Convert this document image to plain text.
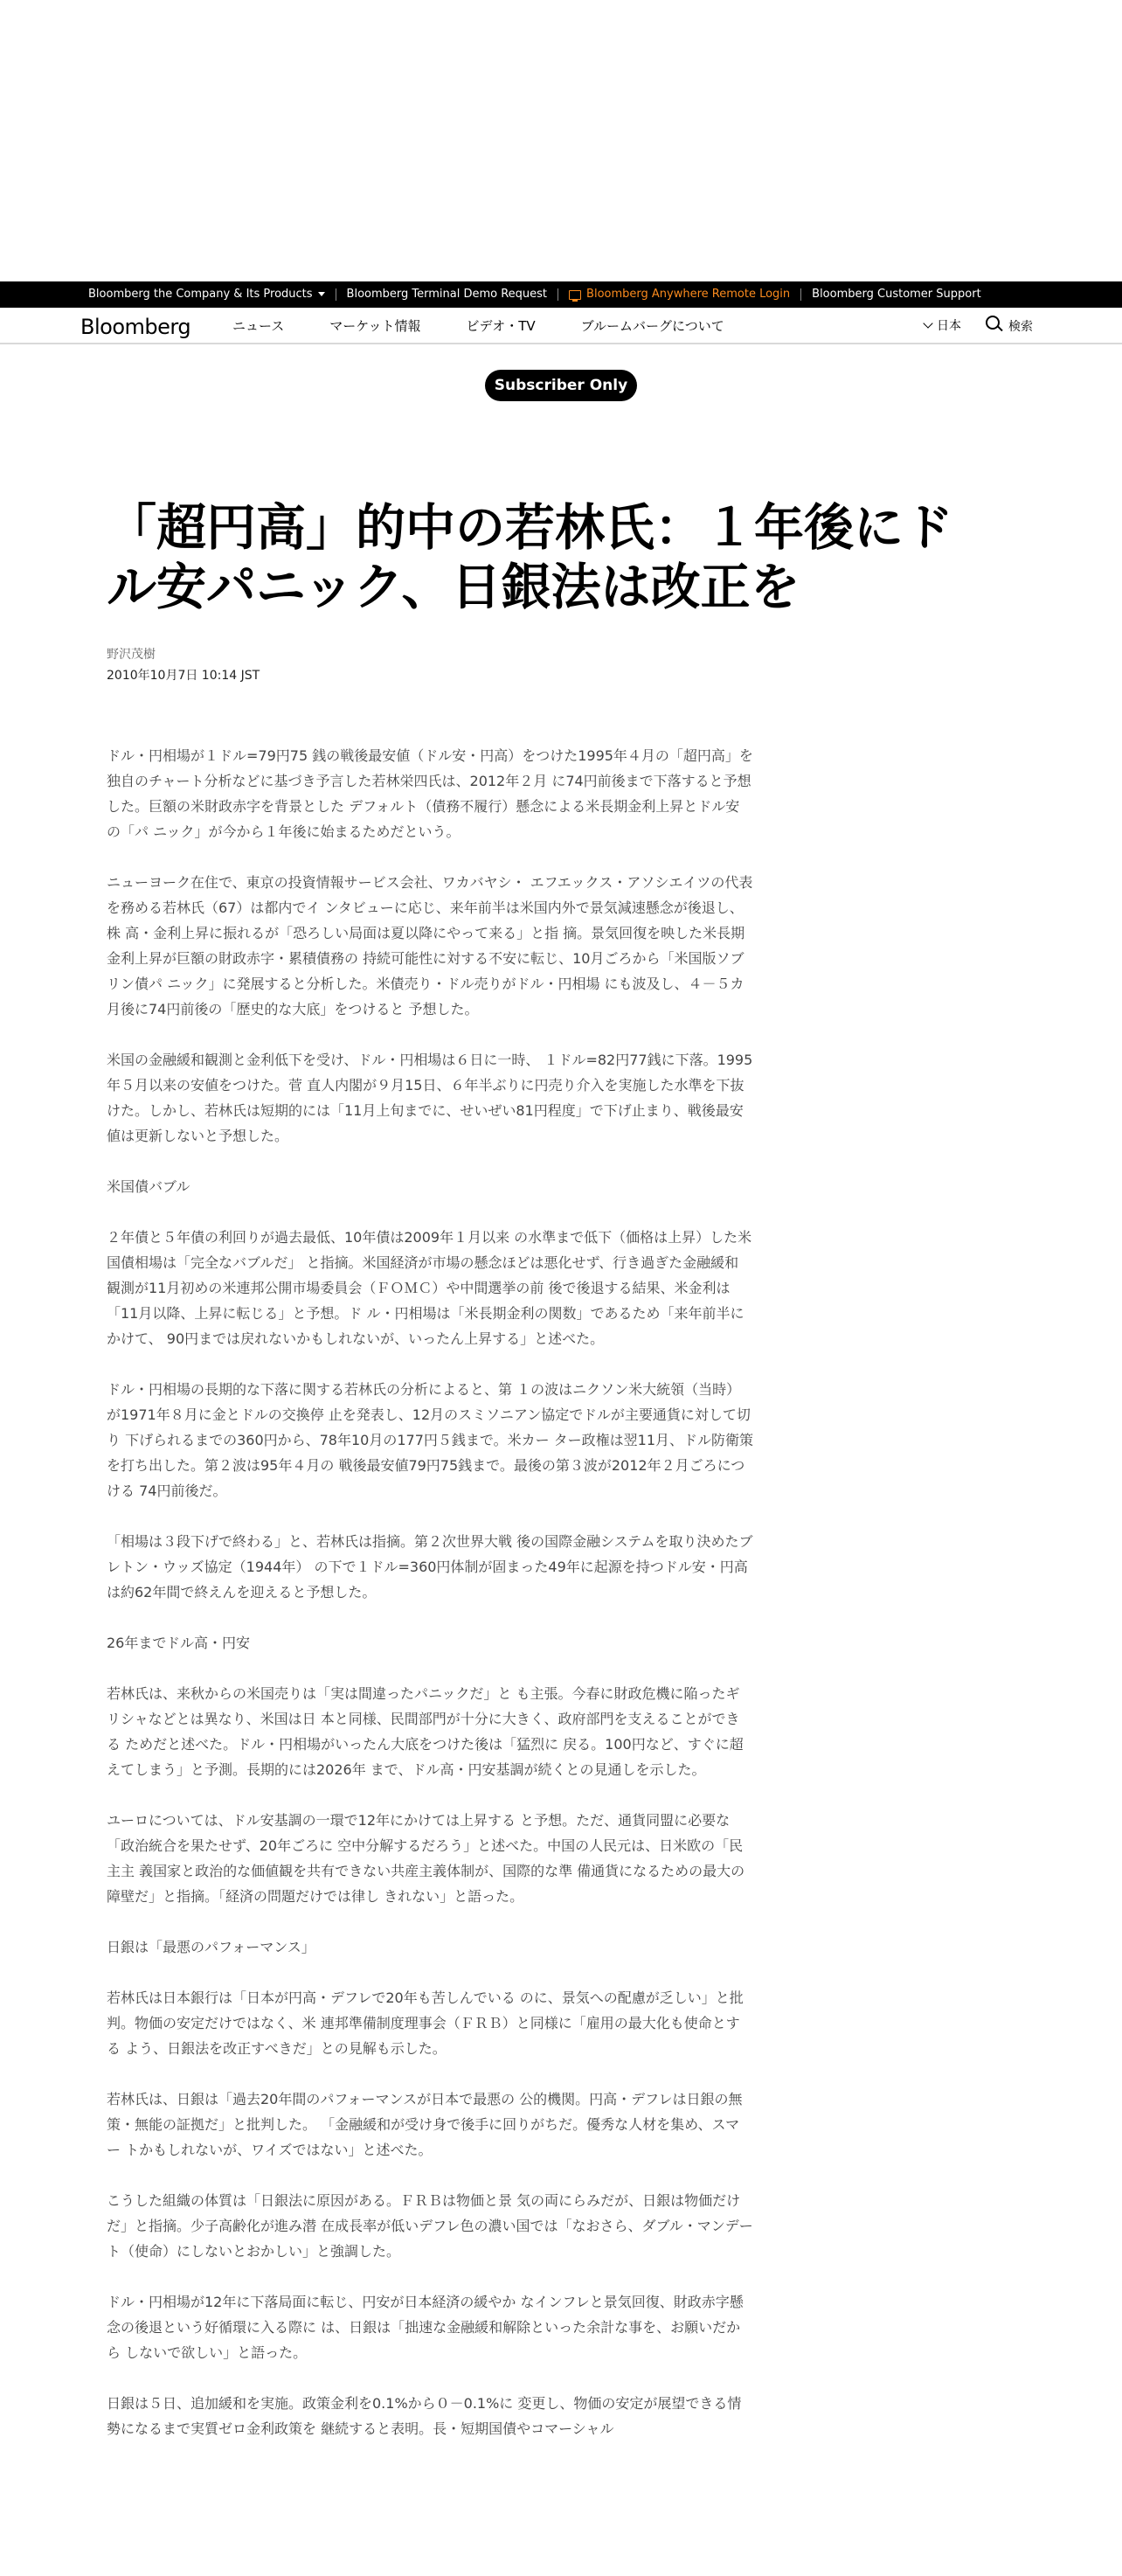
Bloomberg the Company & Its Products	Bloomberg Terminal Demo Request	Bloomberg Anywhere Remote Login	Bloomberg Customer Support
Bloomberg	ニュース	マーケット情報	ビデオ・TV	ブルームバーグについて	日本	検索
Subscriber Only
「超円高」的中の若林氏：１年後にドル安パニック、日銀法は改正を
野沢茂樹
2010年10月7日 10:14 JST

ドル・円相場が１ドル=79円75 銭の戦後最安値（ドル安・円高）をつけた1995年４月の「超円高」を 独自のチャート分析などに基づき予言した若林栄四氏は、2012年２月 に74円前後まで下落すると予想した。巨額の米財政赤字を背景とした デフォルト（債務不履行）懸念による米長期金利上昇とドル安の「パ ニック」が今から１年後に始まるためだという。

ニューヨーク在住で、東京の投資情報サービス会社、ワカバヤシ・ エフエックス・アソシエイツの代表を務める若林氏（67）は都内でイ ンタビューに応じ、来年前半は米国内外で景気減速懸念が後退し、株 高・金利上昇に振れるが「恐ろしい局面は夏以降にやって来る」と指 摘。景気回復を映した米長期金利上昇が巨額の財政赤字・累積債務の 持続可能性に対する不安に転じ、10月ごろから「米国版ソブリン債パ ニック」に発展すると分析した。米債売り・ドル売りがドル・円相場 にも波及し、４－５カ月後に74円前後の「歴史的な大底」をつけると 予想した。

米国の金融緩和観測と金利低下を受け、ドル・円相場は６日に一時、 １ドル=82円77銭に下落。1995年５月以来の安値をつけた。菅 直人内閣が９月15日、６年半ぶりに円売り介入を実施した水準を下抜 けた。しかし、若林氏は短期的には「11月上旬までに、せいぜい81円程度」で下げ止まり、戦後最安値は更新しないと予想した。

米国債バブル

２年債と５年債の利回りが過去最低、10年債は2009年１月以来 の水準まで低下（価格は上昇）した米国債相場は「完全なバブルだ」 と指摘。米国経済が市場の懸念ほどは悪化せず、行き過ぎた金融緩和 観測が11月初めの米連邦公開市場委員会（ＦＯＭＣ）や中間選挙の前 後で後退する結果、米金利は「11月以降、上昇に転じる」と予想。ド ル・円相場は「米長期金利の関数」であるため「来年前半にかけて、 90円までは戻れないかもしれないが、いったん上昇する」と述べた。

ドル・円相場の長期的な下落に関する若林氏の分析によると、第 １の波はニクソン米大統領（当時）が1971年８月に金とドルの交換停 止を発表し、12月のスミソニアン協定でドルが主要通貨に対して切り 下げられるまでの360円から、78年10月の177円５銭まで。米カー ター政権は翌11月、ドル防衛策を打ち出した。第２波は95年４月の 戦後最安値79円75銭まで。最後の第３波が2012年２月ごろにつける 74円前後だ。

「相場は３段下げで終わる」と、若林氏は指摘。第２次世界大戦 後の国際金融システムを取り決めたブレトン・ウッズ協定（1944年） の下で１ドル=360円体制が固まった49年に起源を持つドル安・円高 は約62年間で終えんを迎えると予想した。

26年までドル高・円安

若林氏は、来秋からの米国売りは「実は間違ったパニックだ」と も主張。今春に財政危機に陥ったギリシャなどとは異なり、米国は日 本と同様、民間部門が十分に大きく、政府部門を支えることができる ためだと述べた。ドル・円相場がいったん大底をつけた後は「猛烈に 戻る。100円など、すぐに超えてしまう」と予測。長期的には2026年 まで、ドル高・円安基調が続くとの見通しを示した。

ユーロについては、ドル安基調の一環で12年にかけては上昇する と予想。ただ、通貨同盟に必要な「政治統合を果たせず、20年ごろに 空中分解するだろう」と述べた。中国の人民元は、日米欧の「民主主 義国家と政治的な価値観を共有できない共産主義体制が、国際的な準 備通貨になるための最大の障壁だ」と指摘。「経済の問題だけでは律し きれない」と語った。

日銀は「最悪のパフォーマンス」

若林氏は日本銀行は「日本が円高・デフレで20年も苦しんでいる のに、景気への配慮が乏しい」と批判。物価の安定だけではなく、米 連邦準備制度理事会（ＦＲＢ）と同様に「雇用の最大化も使命とする よう、日銀法を改正すべきだ」との見解も示した。

若林氏は、日銀は「過去20年間のパフォーマンスが日本で最悪の 公的機関。円高・デフレは日銀の無策・無能の証拠だ」と批判した。 「金融緩和が受け身で後手に回りがちだ。優秀な人材を集め、スマー トかもしれないが、ワイズではない」と述べた。

こうした組織の体質は「日銀法に原因がある。ＦＲＢは物価と景 気の両にらみだが、日銀は物価だけだ」と指摘。少子高齢化が進み潜 在成長率が低いデフレ色の濃い国では「なおさら、ダブル・マンデー ト（使命）にしないとおかしい」と強調した。

ドル・円相場が12年に下落局面に転じ、円安が日本経済の緩やか なインフレと景気回復、財政赤字懸念の後退という好循環に入る際に は、日銀は「拙速な金融緩和解除といった余計な事を、お願いだから しないで欲しい」と語った。

日銀は５日、追加緩和を実施。政策金利を0.1%から０－0.1%に 変更し、物価の安定が展望できる情勢になるまで実質ゼロ金利政策を 継続すると表明。長・短期国債やコマーシャル
